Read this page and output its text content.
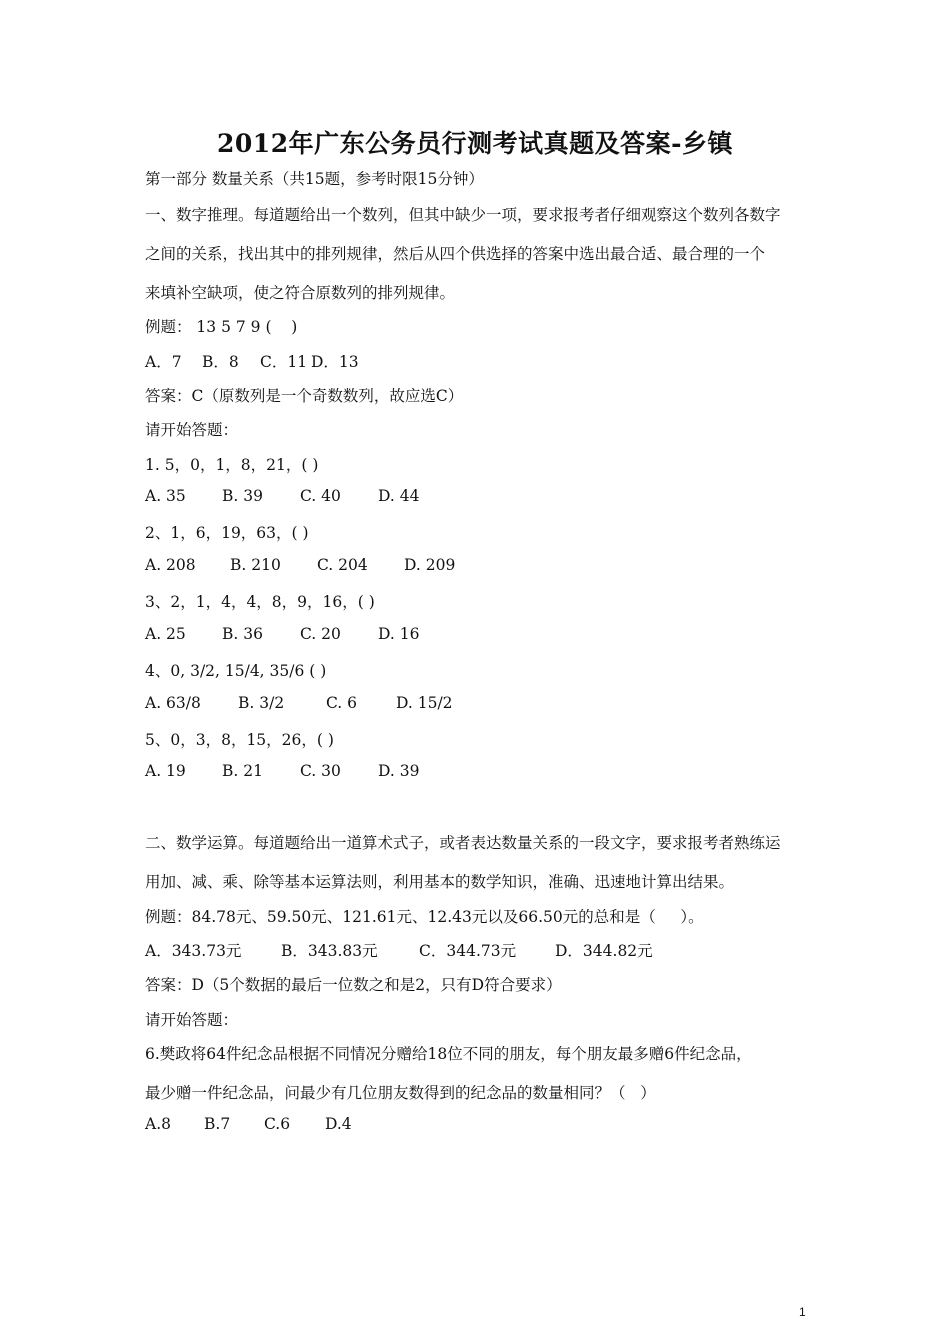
2012年广东公务员行测考试真题及答案-乡镇
第一部分 数量关系（共15题，参考时限15分钟）
一、数字推理。每道题给出一个数列，但其中缺少一项，要求报考者仔细观察这个数列各数字
之间的关系，找出其中的排列规律，然后从四个供选择的答案中选出最合适、最合理的一个
来填补空缺项，使之符合原数列的排列规律。
例题： 13 5 7 9 (    )
A．7 B．8 C．11 D．13
答案：C（原数列是一个奇数数列，故应选C）
请开始答题：
1. 5，0，1，8，21，( )
A. 35 B. 39 C. 40 D. 44
2、1，6，19，63，( )
A. 208 B. 210 C. 204 D. 209
3、2，1，4，4，8，9，16，( )
A. 25 B. 36 C. 20 D. 16
4、0, 3/2, 15/4, 35/6 ( )
A. 63/8 B. 3/2	C. 6	D. 15/2
5、0，3，8，15，26，( )
A. 19 B. 21 C. 30 D. 39
二、数学运算。每道题给出一道算术式子，或者表达数量关系的一段文字，要求报考者熟练运
用加、减、乘、除等基本运算法则，利用基本的数学知识，准确、迅速地计算出结果。
例题：84.78元、59.50元、121.61元、12.43元以及66.50元的总和是（     ）。
A．343.73元	B．343.83元	C．344.73元	D．344.82元
答案：D（5个数据的最后一位数之和是2，只有D符合要求）
请开始答题：
6.樊政将64件纪念品根据不同情况分赠给18位不同的朋友，每个朋友最多赠6件纪念品，
最少赠一件纪念品，问最少有几位朋友数得到的纪念品的数量相同？（   ）
A.8 B.7 C.6 D.4
1
